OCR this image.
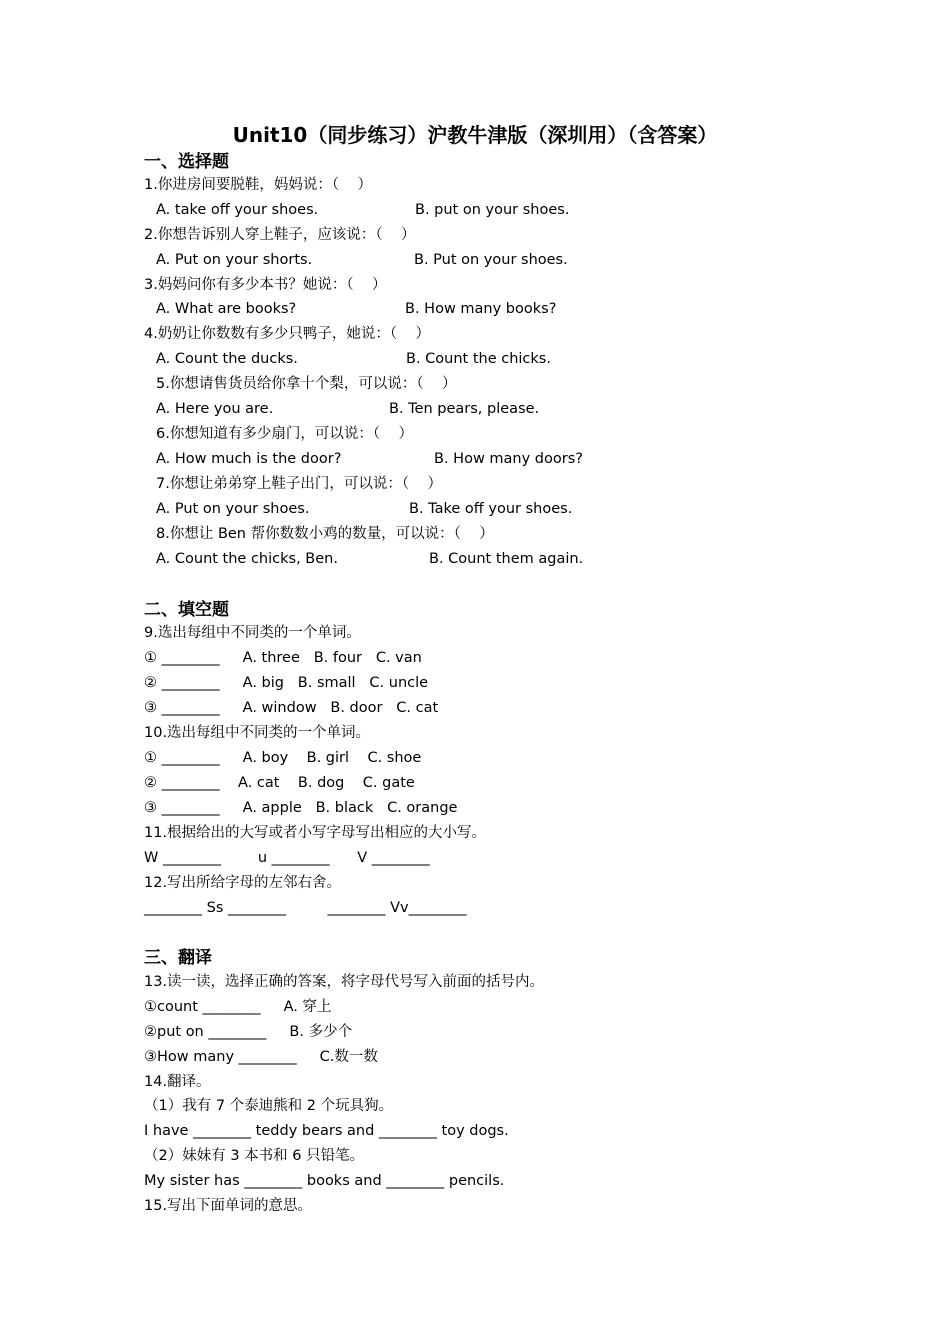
Unit10（同步练习）沪教牛津版（深圳用）（含答案）
一、选择题
1.你进房间要脱鞋，妈妈说：（    ）
A. take off your shoes.	B. put on your shoes.
2.你想告诉别人穿上鞋子，应该说：（    ）
A. Put on your shorts.	B. Put on your shoes.
3.妈妈问你有多少本书？她说：（    ）
A. What are books?	B. How many books?
4.奶奶让你数数有多少只鸭子，她说：（    ）
A. Count the ducks.	B. Count the chicks.
5.你想请售货员给你拿十个梨，可以说：（    ）
A. Here you are.	B. Ten pears, please.
6.你想知道有多少扇门，可以说：（    ）
A. How much is the door?	B. How many doors?
7.你想让弟弟穿上鞋子出门，可以说：（    ）
A. Put on your shoes.	B. Take off your shoes.
8.你想让 Ben 帮你数数小鸡的数量，可以说：（    ）
A. Count the chicks, Ben.	B. Count them again.
二、填空题
9.选出每组中不同类的一个单词。
① ________     A. three   B. four   C. van
② ________     A. big   B. small   C. uncle
③ ________     A. window   B. door   C. cat
10.选出每组中不同类的一个单词。
① ________     A. boy    B. girl    C. shoe
② ________    A. cat    B. dog    C. gate
③ ________     A. apple   B. black   C. orange
11.根据给出的大写或者小写字母写出相应的大小写。
W ________        u ________      V ________
12.写出所给字母的左邻右舍。
________ Ss ________         ________ Vv________
三、翻译
13.读一读，选择正确的答案，将字母代号写入前面的括号内。
①count ________     A. 穿上
②put on ________     B. 多少个
③How many ________     C.数一数
14.翻译。
（1）我有 7 个泰迪熊和 2 个玩具狗。
I have ________ teddy bears and ________ toy dogs.
（2）妹妹有 3 本书和 6 只铅笔。
My sister has ________ books and ________ pencils.
15.写出下面单词的意思。
